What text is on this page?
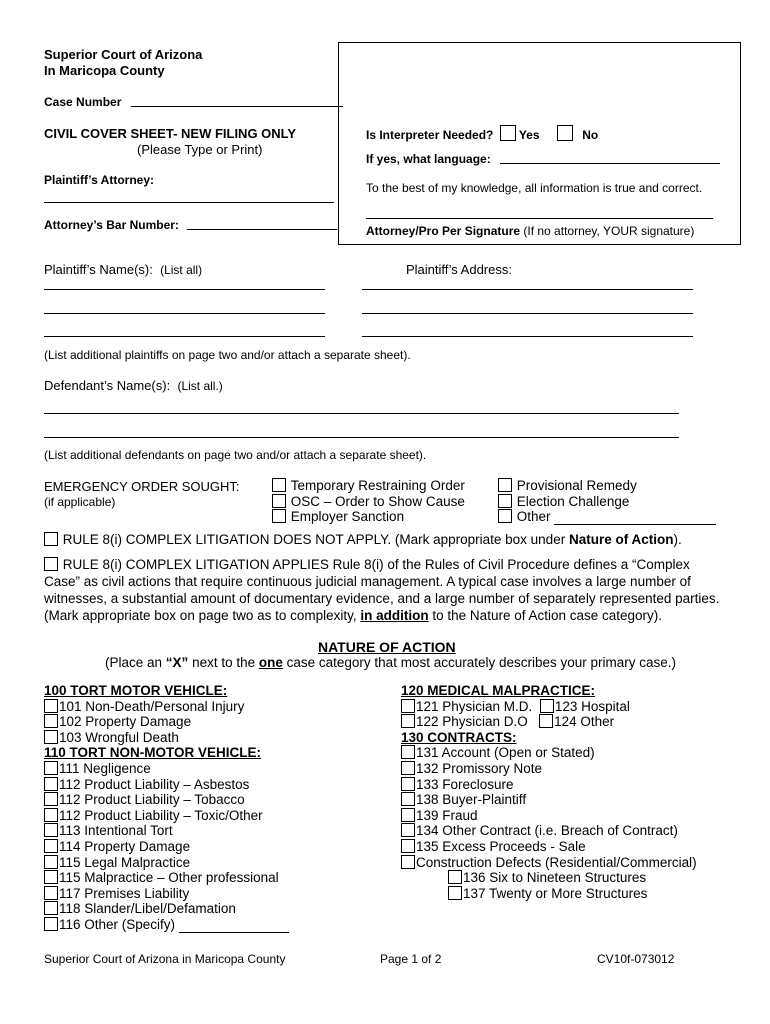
Superior Court of Arizona
In Maricopa County
Case Number
CIVIL COVER SHEET- NEW FILING ONLY
(Please Type or Print)
Plaintiff’s Attorney:
Attorney’s Bar Number:
Is Interpreter Needed? Yes	No
If yes, what language:
To the best of my knowledge, all information is true and correct.
Attorney/Pro Per Signature (If no attorney, YOUR signature)
Plaintiff’s Name(s): (List all)	Plaintiff’s Address:
(List additional plaintiffs on page two and/or attach a separate sheet).
Defendant’s Name(s): (List all.)
(List additional defendants on page two and/or attach a separate sheet).
EMERGENCY ORDER SOUGHT:
(if applicable)
Temporary Restraining Order
OSC – Order to Show Cause
Employer Sanction
Provisional Remedy
Election Challenge
Other
RULE 8(i) COMPLEX LITIGATION DOES NOT APPLY. (Mark appropriate box under Nature of Action).
RULE 8(i) COMPLEX LITIGATION APPLIES Rule 8(i) of the Rules of Civil Procedure defines a “Complex
Case” as civil actions that require continuous judicial management. A typical case involves a large number of
witnesses, a substantial amount of documentary evidence, and a large number of separately represented parties.
(Mark appropriate box on page two as to complexity, in addition to the Nature of Action case category).
NATURE OF ACTION
(Place an “X” next to the one case category that most accurately describes your primary case.)
100 TORT MOTOR VEHICLE:
101 Non-Death/Personal Injury
102 Property Damage
103 Wrongful Death
110 TORT NON-MOTOR VEHICLE:
111 Negligence
112 Product Liability – Asbestos
112 Product Liability – Tobacco
112 Product Liability – Toxic/Other
113 Intentional Tort
114 Property Damage
115 Legal Malpractice
115 Malpractice – Other professional
117 Premises Liability
118 Slander/Libel/Defamation
116 Other (Specify)
120 MEDICAL MALPRACTICE:
121 Physician M.D. 123 Hospital
122 Physician D.O 124 Other
130 CONTRACTS:
131 Account (Open or Stated)
132 Promissory Note
133 Foreclosure
138 Buyer-Plaintiff
139 Fraud
134 Other Contract (i.e. Breach of Contract)
135 Excess Proceeds - Sale
Construction Defects (Residential/Commercial)
136 Six to Nineteen Structures
137 Twenty or More Structures
Superior Court of Arizona in Maricopa County	Page 1 of 2	CV10f-073012
